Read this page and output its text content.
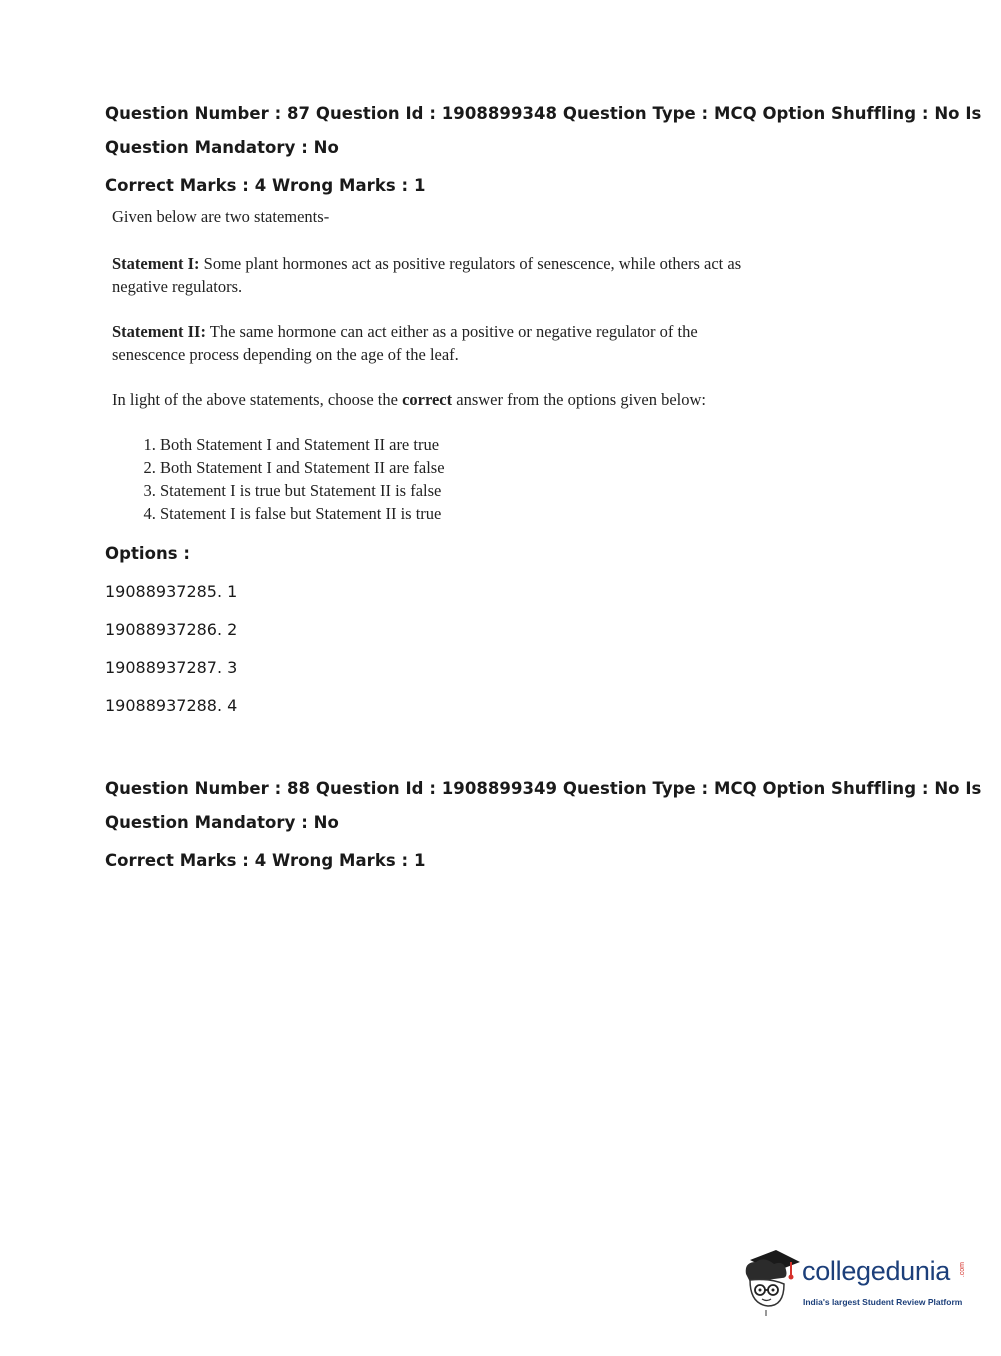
Question Number : 87 Question Id : 1908899348 Question Type : MCQ Option Shuffling : No Is
Question Mandatory : No
Correct Marks : 4 Wrong Marks : 1

Given below are two statements-

Statement I: Some plant hormones act as positive regulators of senescence, while others act as
negative regulators.

Statement II: The same hormone can act either as a positive or negative regulator of the
senescence process depending on the age of the leaf.

In light of the above statements, choose the correct answer from the options given below:

1. Both Statement I and Statement II are true
2. Both Statement I and Statement II are false
3. Statement I is true but Statement II is false
4. Statement I is false but Statement II is true
Options :
19088937285. 1
19088937286. 2
19088937287. 3
19088937288. 4
Question Number : 88 Question Id : 1908899349 Question Type : MCQ Option Shuffling : No Is
Question Mandatory : No
Correct Marks : 4 Wrong Marks : 1
collegedunia .com
India's largest Student Review Platform
